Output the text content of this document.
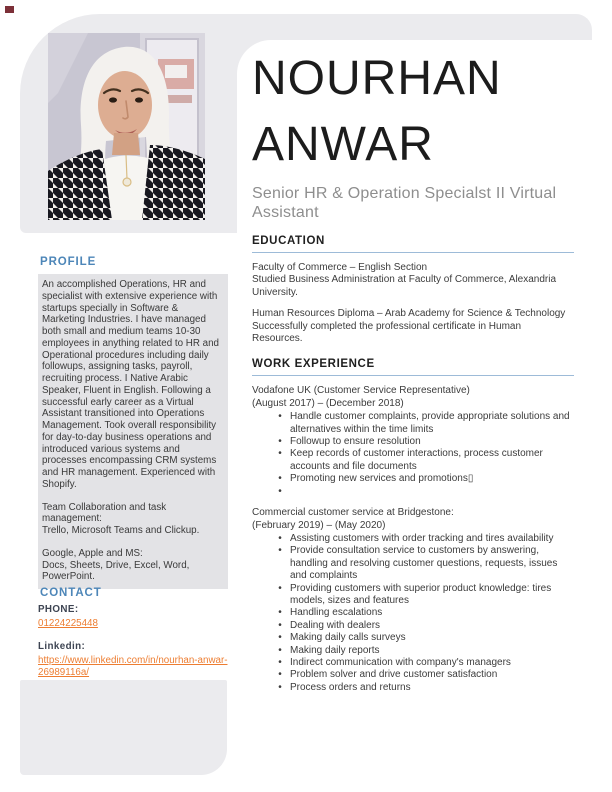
PROFILE

An accomplished Operations, HR and specialist with extensive experience with startups specially in Software & Marketing Industries. I have managed both small and medium teams 10-30 employees in anything related to HR and Operational procedures including daily followups, assigning tasks, payroll, recruiting process. I Native Arabic Speaker, Fluent in English. Following a successful early career as a Virtual Assistant transitioned into Operations Management. Took overall responsibility for day-to-day business operations and introduced various systems and processes encompassing CRM systems and HR management. Experienced with Shopify.

Team Collaboration and task management:
Trello, Microsoft Teams and Clickup.

Google, Apple and MS:
Docs, Sheets, Drive, Excel, Word, PowerPoint.

CONTACT
PHONE:
01224225448
Linkedin:
https://www.linkedin.com/in/nourhan-anwar-26989116a/
NOURHAN
ANWAR
Senior HR & Operation Specialst II Virtual Assistant
EDUCATION
Faculty of Commerce – English Section
Studied Business Administration at Faculty of Commerce, Alexandria University.
Human Resources Diploma – Arab Academy for Science & Technology
Successfully completed the professional certificate in Human Resources.
WORK EXPERIENCE
Vodafone UK (Customer Service Representative)
(August 2017) – (December 2018)
•
Handle customer complaints, provide appropriate solutions and alternatives within the time limits
•
Followup to ensure resolution
•
Keep records of customer interactions, process customer accounts and file documents
•
Promoting new services and promotions▯
•
Commercial customer service at Bridgestone:
(February 2019) – (May 2020)
•
Assisting customers with order tracking and tires availability
•
Provide consultation service to customers by answering, handling and resolving customer questions, requests, issues and complaints
•
Providing customers with superior product knowledge: tires models, sizes and features
•
Handling escalations
•
Dealing with dealers
•
Making daily calls surveys
•
Making daily reports
•
Indirect communication with company's managers
•
Problem solver and drive customer satisfaction
•
Process orders and returns
